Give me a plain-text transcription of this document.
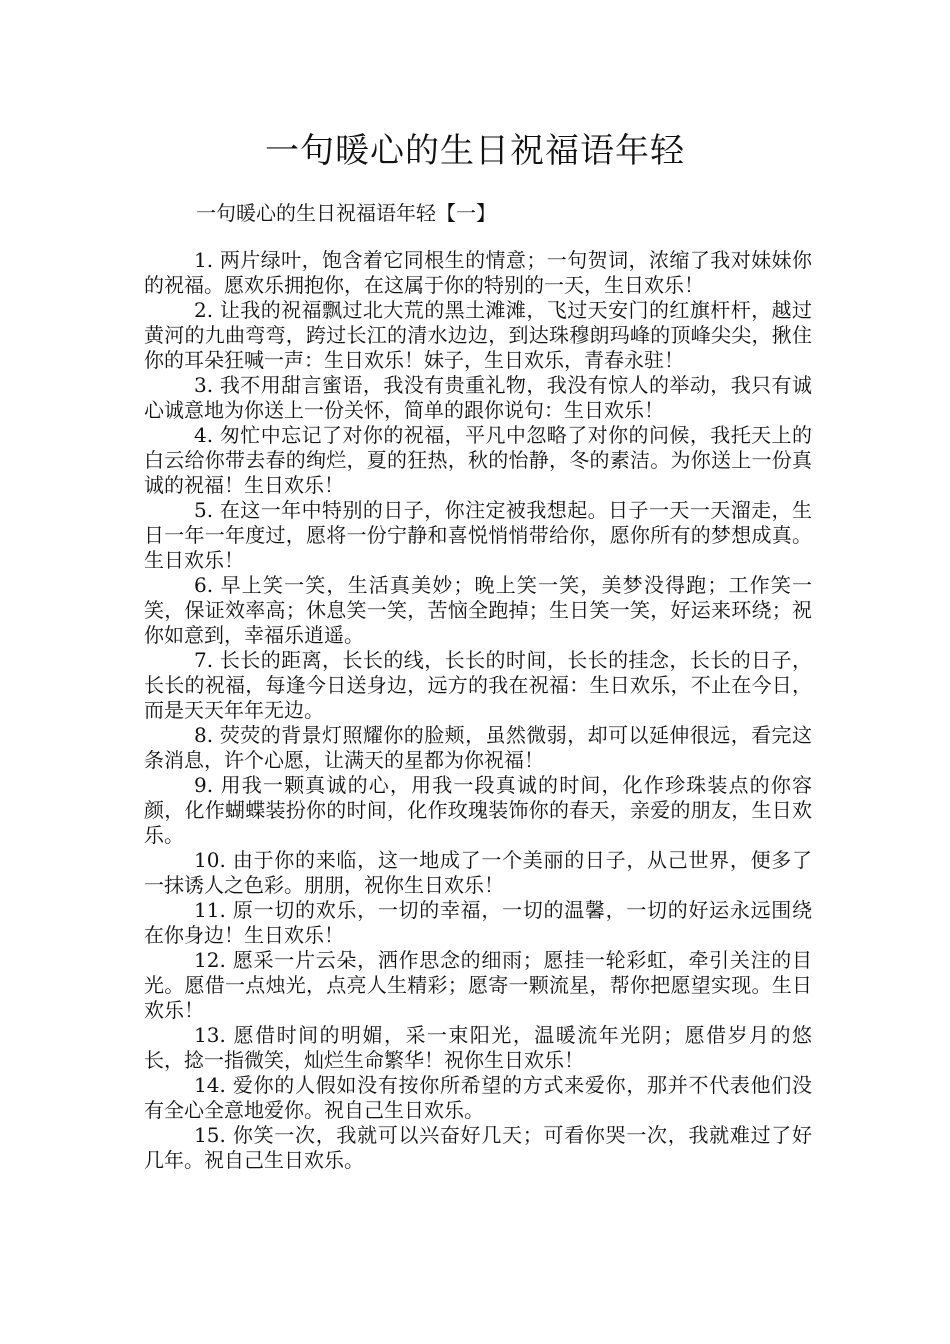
一句暖心的生日祝福语年轻
一句暖心的生日祝福语年轻【一】

1. 两片绿叶，饱含着它同根生的情意；一句贺词，浓缩了我对妹妹你的祝福。愿欢乐拥抱你，在这属于你的特别的一天，生日欢乐！

2. 让我的祝福飘过北大荒的黑土滩滩，飞过天安门的红旗杆杆，越过黄河的九曲弯弯，跨过长江的清水边边，到达珠穆朗玛峰的顶峰尖尖，揪住你的耳朵狂喊一声：生日欢乐！妹子，生日欢乐，青春永驻！

3. 我不用甜言蜜语，我没有贵重礼物，我没有惊人的举动，我只有诚心诚意地为你送上一份关怀，简单的跟你说句：生日欢乐！

4. 匆忙中忘记了对你的祝福，平凡中忽略了对你的问候，我托天上的白云给你带去春的绚烂，夏的狂热，秋的怡静，冬的素洁。为你送上一份真诚的祝福！生日欢乐！

5. 在这一年中特别的日子，你注定被我想起。日子一天一天溜走，生日一年一年度过，愿将一份宁静和喜悦悄悄带给你，愿你所有的梦想成真。生日欢乐！

6. 早上笑一笑，生活真美妙；晚上笑一笑，美梦没得跑；工作笑一笑，保证效率高；休息笑一笑，苦恼全跑掉；生日笑一笑，好运来环绕；祝你如意到，幸福乐逍遥。

7. 长长的距离，长长的线，长长的时间，长长的挂念，长长的日子，长长的祝福，每逢今日送身边，远方的我在祝福：生日欢乐，不止在今日，而是天天年年无边。

8. 荧荧的背景灯照耀你的脸颊，虽然微弱，却可以延伸很远，看完这条消息，许个心愿，让满天的星都为你祝福！

9. 用我一颗真诚的心，用我一段真诚的时间，化作珍珠装点的你容颜，化作蝴蝶装扮你的时间，化作玫瑰装饰你的春天，亲爱的朋友，生日欢乐。

10. 由于你的来临，这一地成了一个美丽的日子，从己世界，便多了一抹诱人之色彩。朋朋，祝你生日欢乐！

11. 原一切的欢乐，一切的幸福，一切的温馨，一切的好运永远围绕在你身边！生日欢乐！

12. 愿采一片云朵，洒作思念的细雨；愿挂一轮彩虹，牵引关注的目光。愿借一点烛光，点亮人生精彩；愿寄一颗流星，帮你把愿望实现。生日欢乐！

13. 愿借时间的明媚，采一束阳光，温暖流年光阴；愿借岁月的悠长，捻一指微笑，灿烂生命繁华！祝你生日欢乐！

14. 爱你的人假如没有按你所希望的方式来爱你，那并不代表他们没有全心全意地爱你。祝自己生日欢乐。

15. 你笑一次，我就可以兴奋好几天；可看你哭一次，我就难过了好几年。祝自己生日欢乐。
